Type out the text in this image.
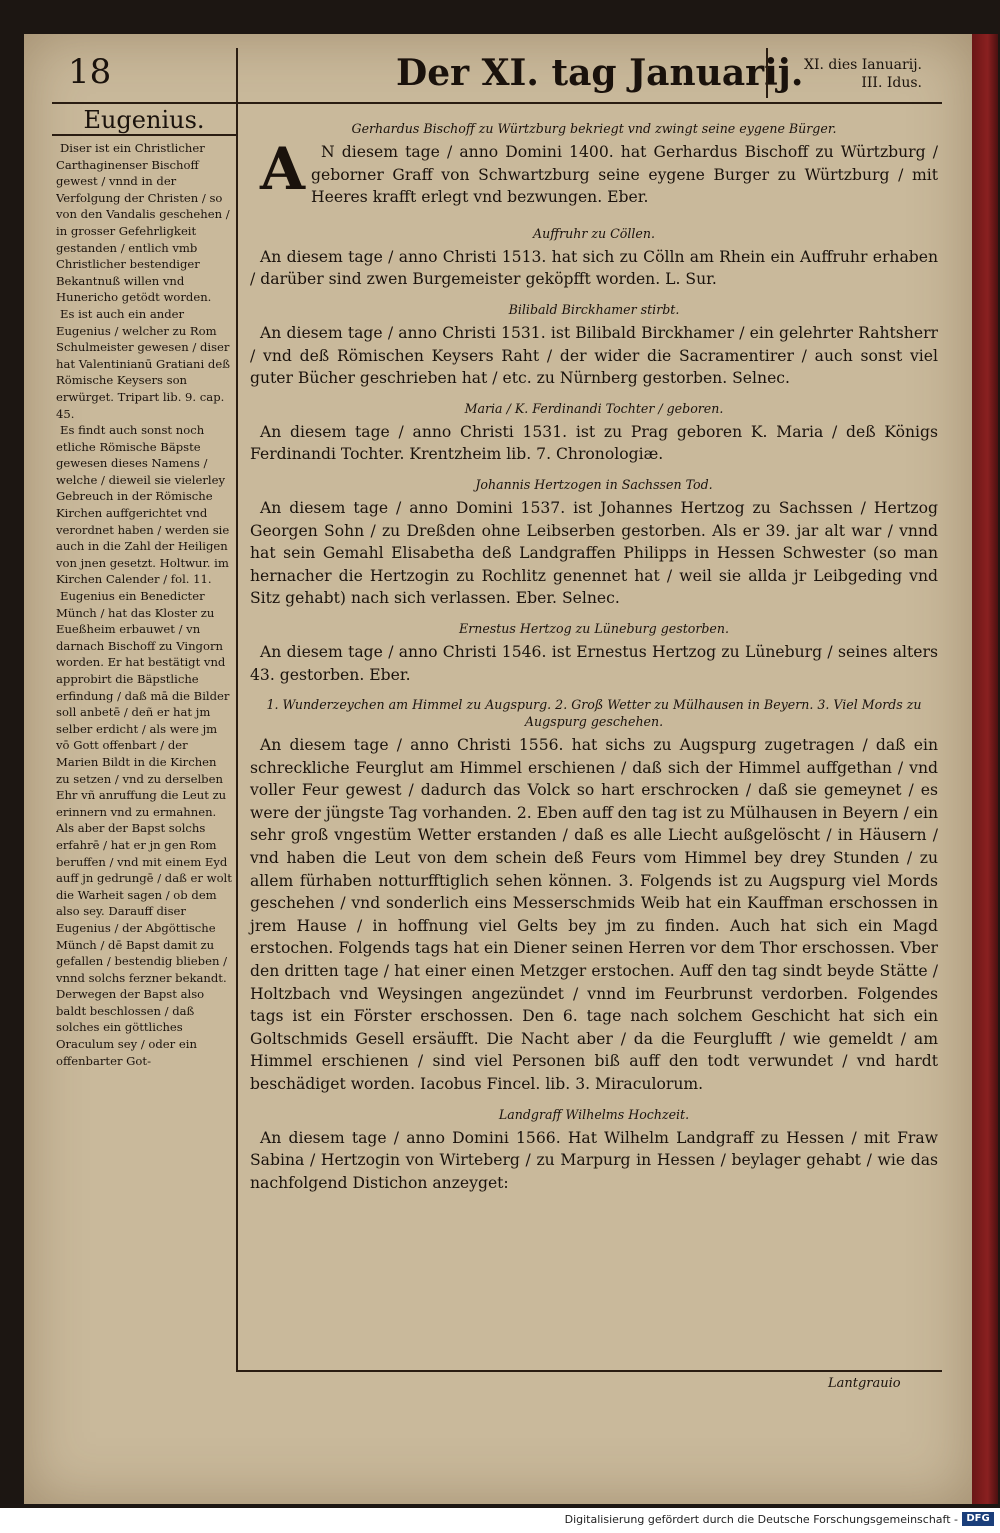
18	Der XI. tag Januarij. XI. dies Ianuarij.
III. Idus.
Eugenius.

Diser ist ein Christlicher Carthaginenser Bischoff gewest / vnnd in der Verfolgung der Christen / so von den Vandalis geschehen / in grosser Gefehrligkeit gestanden / entlich vmb Christlicher bestendiger Bekantnuß willen vnd Hunericho getödt worden.

Es ist auch ein ander Eugenius / welcher zu Rom Schulmeister gewesen / diser hat Valentinianū Gratiani deß Römische Keysers son erwürget. Tripart lib. 9. cap. 45.

Es findt auch sonst noch etliche Römische Bäpste gewesen dieses Namens / welche / dieweil sie vielerley Gebreuch in der Römische Kirchen auffgerichtet vnd verordnet haben / werden sie auch in die Zahl der Heiligen von jnen gesetzt. Holtwur. im Kirchen Calender / fol. 11.

Eugenius ein Benedicter Münch / hat das Kloster zu Eueßheim erbauwet / vn darnach Bischoff zu Vingorn worden. Er hat bestätigt vnd approbirt die Bäpstliche erfindung / daß mā die Bilder soll anbetē / deñ er hat jm selber erdicht / als were jm vō Gott offenbart / der Marien Bildt in die Kirchen zu setzen / vnd zu derselben Ehr vñ anruffung die Leut zu erinnern vnd zu ermahnen. Als aber der Bapst solchs erfahrē / hat er jn gen Rom beruffen / vnd mit einem Eyd auff jn gedrungē / daß er wolt die Warheit sagen / ob dem also sey. Darauff diser Eugenius / der Abgöttische Münch / dē Bapst damit zu gefallen / bestendig blieben / vnnd solchs ferzner bekandt. Derwegen der Bapst also baldt beschlossen / daß solches ein göttliches Oraculum sey / oder ein offenbarter Got-

Gerhardus Bischoff zu Würtzburg bekriegt vnd zwingt seine eygene Bürger.

A N diesem tage / anno Domini 1400. hat Gerhardus Bischoff zu Würtzburg / geborner Graff von Schwartzburg seine eygene Burger zu Würtzburg / mit Heeres krafft erlegt vnd bezwungen. Eber.

Auffruhr zu Cöllen.

An diesem tage / anno Christi 1513. hat sich zu Cölln am Rhein ein Auffruhr erhaben / darüber sind zwen Burgemeister geköpfft worden. L. Sur.

Bilibald Birckhamer stirbt.

An diesem tage / anno Christi 1531. ist Bilibald Birckhamer / ein gelehrter Rahtsherr / vnd deß Römischen Keysers Raht / der wider die Sacramentirer / auch sonst viel guter Bücher geschrieben hat / etc. zu Nürnberg gestorben. Selnec.

Maria / K. Ferdinandi Tochter / geboren.

An diesem tage / anno Christi 1531. ist zu Prag geboren K. Maria / deß Königs Ferdinandi Tochter. Krentzheim lib. 7. Chronologiæ.

Johannis Hertzogen in Sachssen Tod.

An diesem tage / anno Domini 1537. ist Johannes Hertzog zu Sachssen / Hertzog Georgen Sohn / zu Dreßden ohne Leibserben gestorben. Als er 39. jar alt war / vnnd hat sein Gemahl Elisabetha deß Landgraffen Philipps in Hessen Schwester (so man hernacher die Hertzogin zu Rochlitz genennet hat / weil sie allda jr Leibgeding vnd Sitz gehabt) nach sich verlassen. Eber. Selnec.

Ernestus Hertzog zu Lüneburg gestorben.

An diesem tage / anno Christi 1546. ist Ernestus Hertzog zu Lüneburg / seines alters 43. gestorben. Eber.

1. Wunderzeychen am Himmel zu Augspurg. 2. Groß Wetter zu Mülhausen in Beyern. 3. Viel Mords zu Augspurg geschehen.

An diesem tage / anno Christi 1556. hat sichs zu Augspurg zugetragen / daß ein schreckliche Feurglut am Himmel erschienen / daß sich der Himmel auffgethan / vnd voller Feur gewest / dadurch das Volck so hart erschrocken / daß sie gemeynet / es were der jüngste Tag vorhanden. 2. Eben auff den tag ist zu Mülhausen in Beyern / ein sehr groß vngestüm Wetter erstanden / daß es alle Liecht außgelöscht / in Häusern / vnd haben die Leut von dem schein deß Feurs vom Himmel bey drey Stunden / zu allem fürhaben notturfftiglich sehen können. 3. Folgends ist zu Augspurg viel Mords geschehen / vnd sonderlich eins Messerschmids Weib hat ein Kauffman erschossen in jrem Hause / in hoffnung viel Gelts bey jm zu finden. Auch hat sich ein Magd erstochen. Folgends tags hat ein Diener seinen Herren vor dem Thor erschossen. Vber den dritten tage / hat einer einen Metzger erstochen. Auff den tag sindt beyde Stätte / Holtzbach vnd Weysingen angezündet / vnnd im Feurbrunst verdorben. Folgendes tags ist ein Förster erschossen. Den 6. tage nach solchem Geschicht hat sich ein Goltschmids Gesell ersäufft. Die Nacht aber / da die Feurglufft / wie gemeldt / am Himmel erschienen / sind viel Personen biß auff den todt verwundet / vnd hardt beschädiget worden. Iacobus Fincel. lib. 3. Miraculorum.

Landgraff Wilhelms Hochzeit.

An diesem tage / anno Domini 1566. Hat Wilhelm Landgraff zu Hessen / mit Fraw Sabina / Hertzogin von Wirteberg / zu Marpurg in Hessen / beylager gehabt / wie das nachfolgend Distichon anzeyget:

Lantgrauio
Digitalisierung gefördert durch die Deutsche Forschungsgemeinschaft - DFG
